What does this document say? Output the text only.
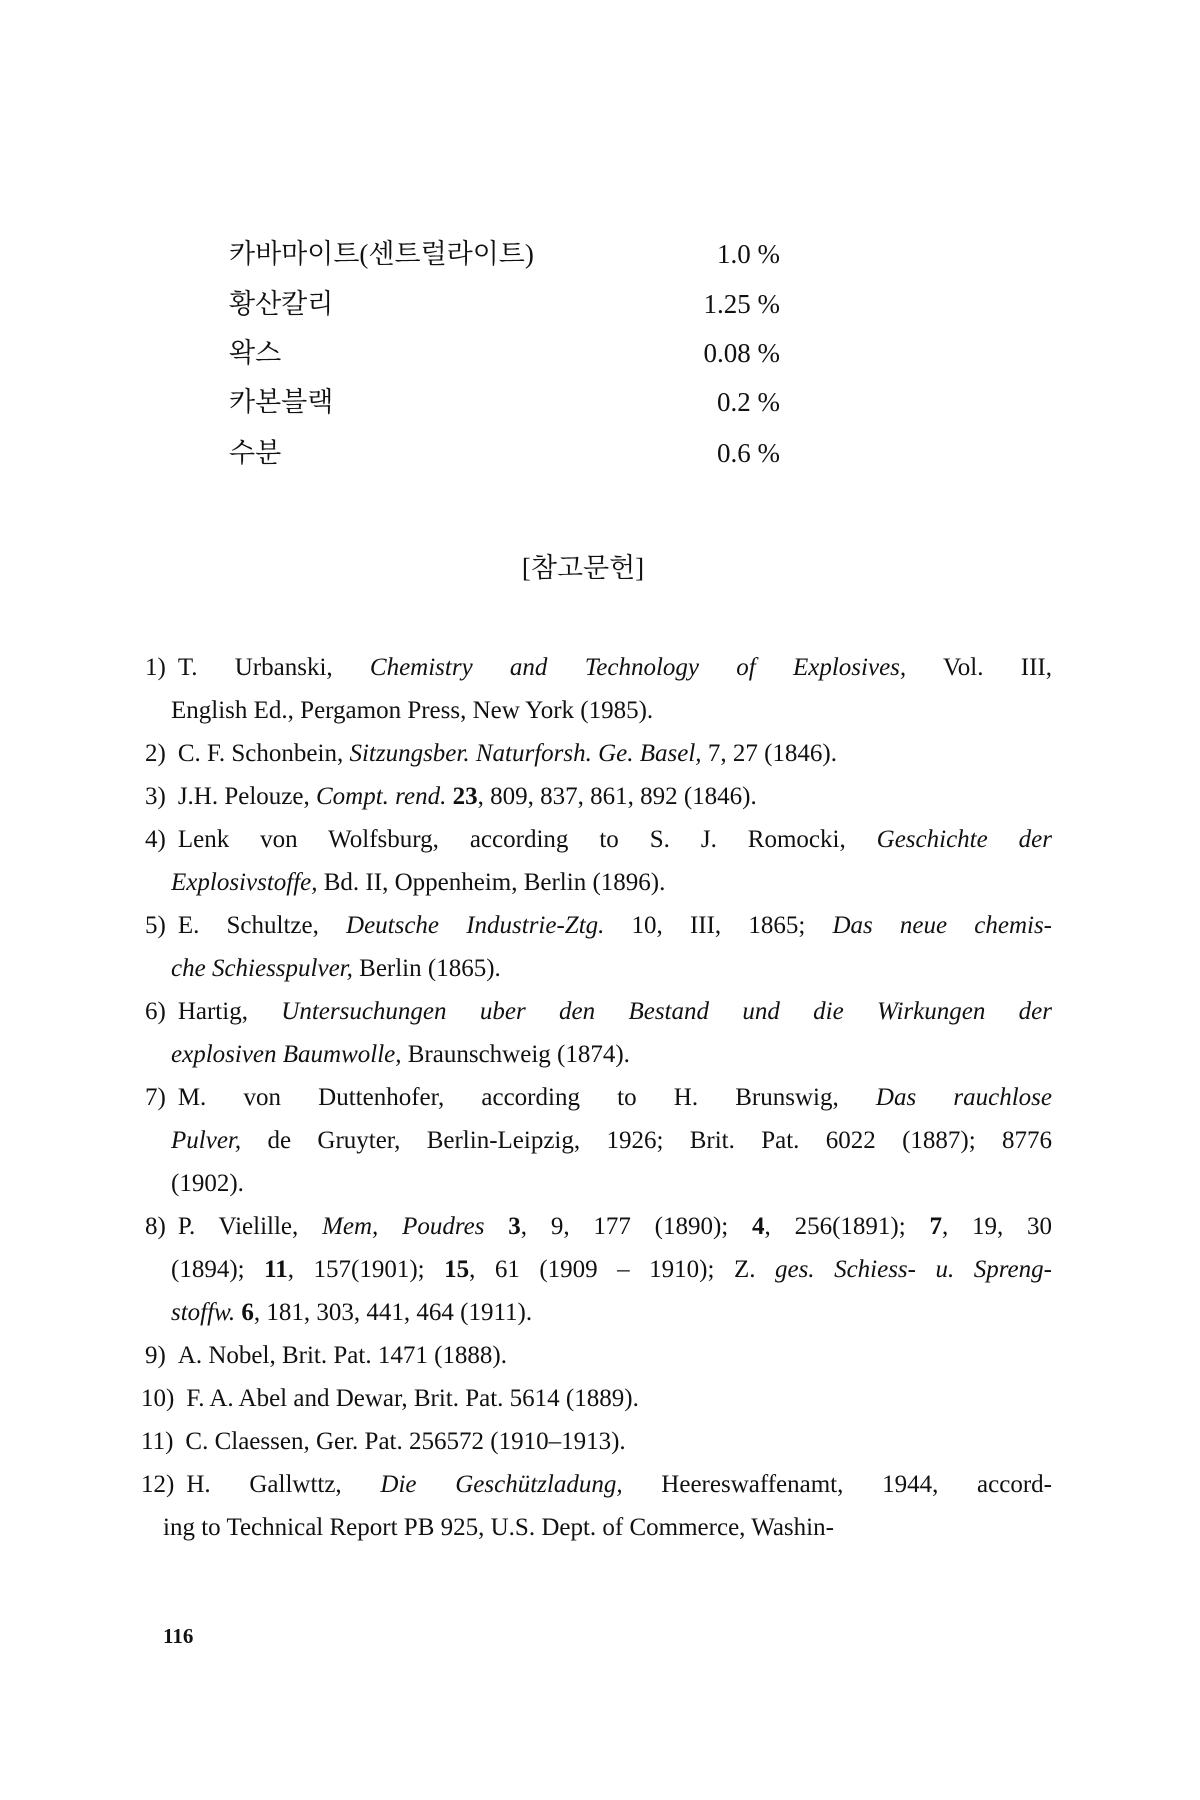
카바마이트(센트럴라이트)	1.0 %
황산칼리	1.25 %
왁스	0.08 %
카본블랙	0.2 %
수분	0.6 %
[참고문헌]
1) T. Urbanski, Chemistry and Technology of Explosives, Vol. III,
English Ed., Pergamon Press, New York (1985).
2) C. F. Schonbein, Sitzungsber. Naturforsh. Ge. Basel, 7, 27 (1846).
3) J.H. Pelouze, Compt. rend. 23, 809, 837, 861, 892 (1846).
4) Lenk von Wolfsburg, according to S. J. Romocki, Geschichte der
Explosivstoffe, Bd. II, Oppenheim, Berlin (1896).
5) E. Schultze, Deutsche Industrie-Ztg. 10, III, 1865; Das neue chemis-
che Schiesspulver, Berlin (1865).
6) Hartig, Untersuchungen uber den Bestand und die Wirkungen der
explosiven Baumwolle, Braunschweig (1874).
7) M. von Duttenhofer, according to H. Brunswig, Das rauchlose
Pulver, de Gruyter, Berlin-Leipzig, 1926; Brit. Pat. 6022 (1887); 8776
(1902).
8) P. Vielille, Mem, Poudres 3, 9, 177 (1890); 4, 256(1891); 7, 19, 30
(1894); 11, 157(1901); 15, 61 (1909 – 1910); Z. ges. Schiess- u. Spreng-
stoffw. 6, 181, 303, 441, 464 (1911).
9) A. Nobel, Brit. Pat. 1471 (1888).
10) F. A. Abel and Dewar, Brit. Pat. 5614 (1889).
11) C. Claessen, Ger. Pat. 256572 (1910–1913).
12) H. Gallwttz, Die Geschützladung, Heereswaffenamt, 1944, accord-
ing to Technical Report PB 925, U.S. Dept. of Commerce, Washin-
116
